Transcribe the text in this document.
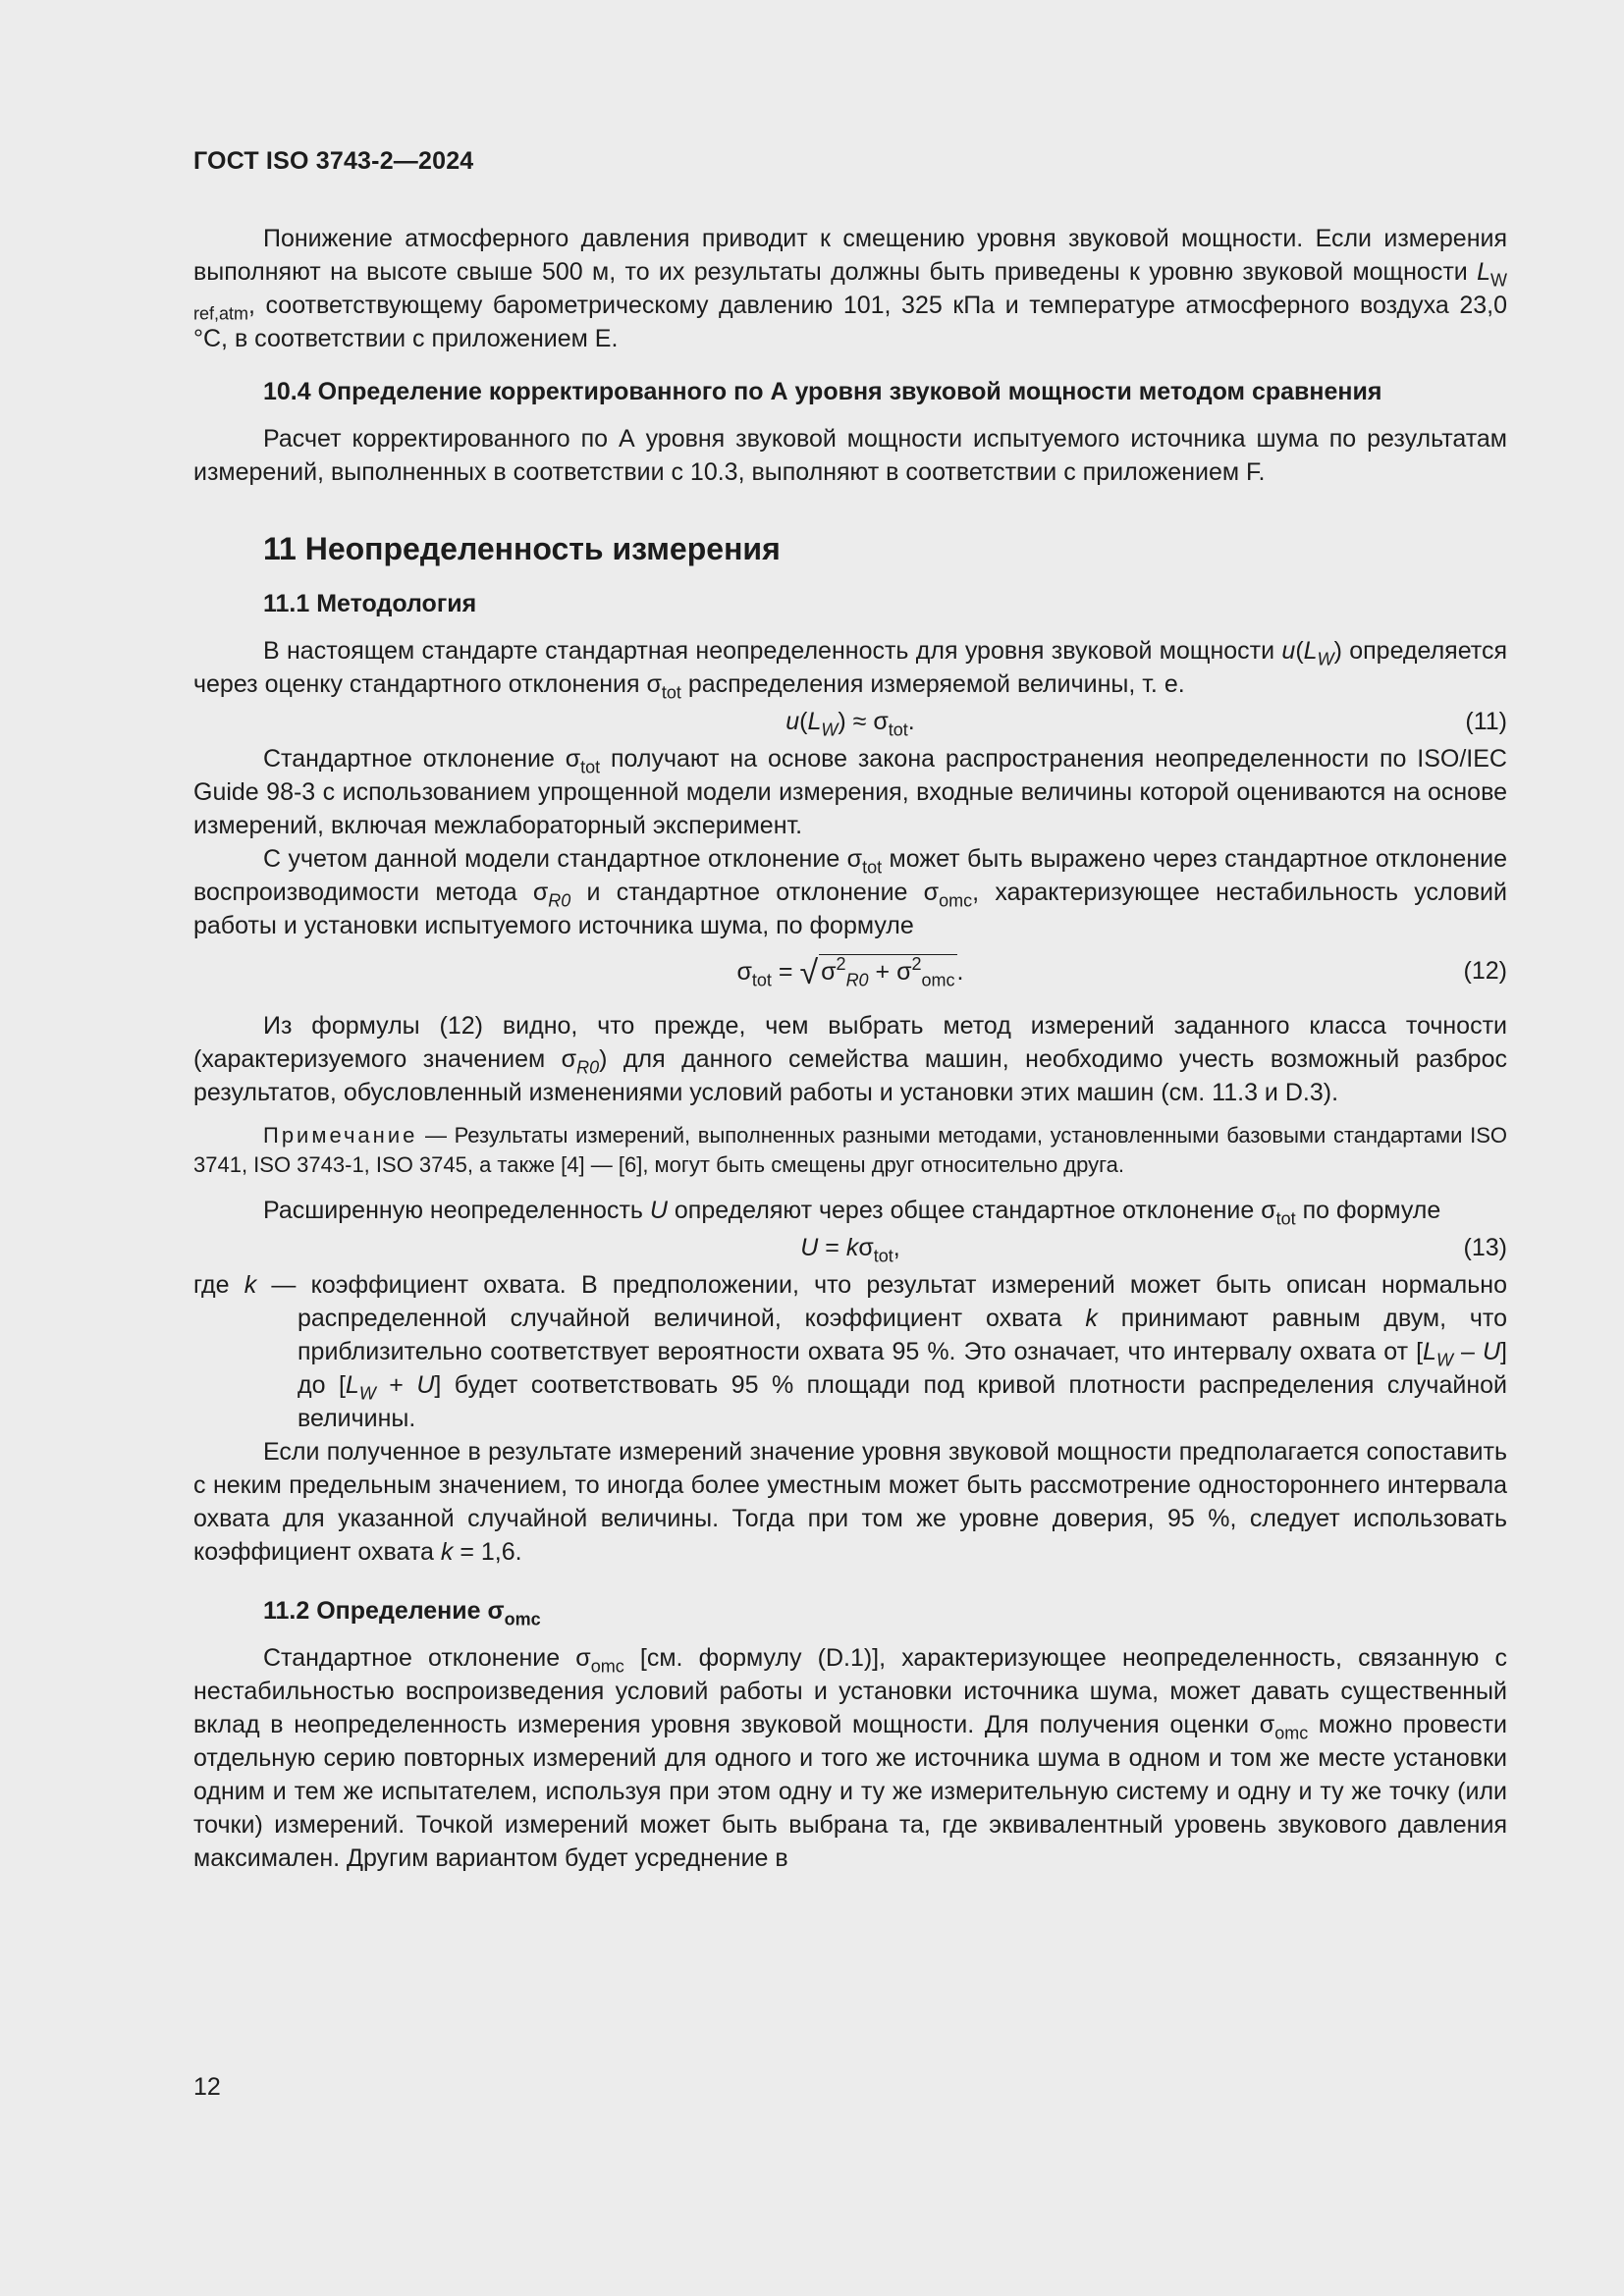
ГОСТ ISO 3743-2—2024

Понижение атмосферного давления приводит к смещению уровня звуковой мощности. Если измерения выполняют на высоте свыше 500 м, то их результаты должны быть приведены к уровню звуковой мощности $L_{W ref,atm}$, соответствующему барометрическому давлению 101, 325 кПа и температуре атмосферного воздуха 23,0 °С, в соответствии с приложением Е.

10.4 Определение корректированного по А уровня звуковой мощности методом сравнения

Расчет корректированного по А уровня звуковой мощности испытуемого источника шума по результатам измерений, выполненных в соответствии с 10.3, выполняют в соответствии с приложением F.

11 Неопределенность измерения

11.1 Методология

В настоящем стандарте стандартная неопределенность для уровня звуковой мощности $u(L_W)$ определяется через оценку стандартного отклонения $\sigma_{tot}$ распределения измеряемой величины, т. е.

$u(L_W) \approx \sigma_{tot}$.	(11)

Стандартное отклонение $\sigma_{tot}$ получают на основе закона распространения неопределенности по ISO/IEC Guide 98-3 с использованием упрощенной модели измерения, входные величины которой оцениваются на основе измерений, включая межлабораторный эксперимент.

С учетом данной модели стандартное отклонение $\sigma_{tot}$ может быть выражено через стандартное отклонение воспроизводимости метода $\sigma_{R0}$ и стандартное отклонение $\sigma_{omc}$, характеризующее нестабильность условий работы и установки испытуемого источника шума, по формуле

$\sigma_{tot}$ = √ $\sigma^2_{R0} + \sigma^2_{omc}$.	(12)

Из формулы (12) видно, что прежде, чем выбрать метод измерений заданного класса точности (характеризуемого значением $\sigma_{R0}$) для данного семейства машин, необходимо учесть возможный разброс результатов, обусловленный изменениями условий работы и установки этих машин (см. 11.3 и D.3).

Примечание — Результаты измерений, выполненных разными методами, установленными базовыми стандартами ISO 3741, ISO 3743-1, ISO 3745, а также [4] — [6], могут быть смещены друг относительно друга.

Расширенную неопределенность U определяют через общее стандартное отклонение $\sigma_{tot}$ по формуле

$U = k\sigma_{tot}$,	(13)

где k — коэффициент охвата. В предположении, что результат измерений может быть описан нормально распределенной случайной величиной, коэффициент охвата k принимают равным двум, что приблизительно соответствует вероятности охвата 95 %. Это означает, что интервалу охвата от $[L_W - U]$ до $[L_W + U]$ будет соответствовать 95 % площади под кривой плотности распределения случайной величины.

Если полученное в результате измерений значение уровня звуковой мощности предполагается сопоставить с неким предельным значением, то иногда более уместным может быть рассмотрение одностороннего интервала охвата для указанной случайной величины. Тогда при том же уровне доверия, 95 %, следует использовать коэффициент охвата k = 1,6.

11.2 Определение $\sigma_{omc}$

Стандартное отклонение $\sigma_{omc}$ [см. формулу (D.1)], характеризующее неопределенность, связанную с нестабильностью воспроизведения условий работы и установки источника шума, может давать существенный вклад в неопределенность измерения уровня звуковой мощности. Для получения оценки $\sigma_{omc}$ можно провести отдельную серию повторных измерений для одного и того же источника шума в одном и том же месте установки одним и тем же испытателем, используя при этом одну и ту же измерительную систему и одну и ту же точку (или точки) измерений. Точкой измерений может быть выбрана та, где эквивалентный уровень звукового давления максимален. Другим вариантом будет усреднение в

12
